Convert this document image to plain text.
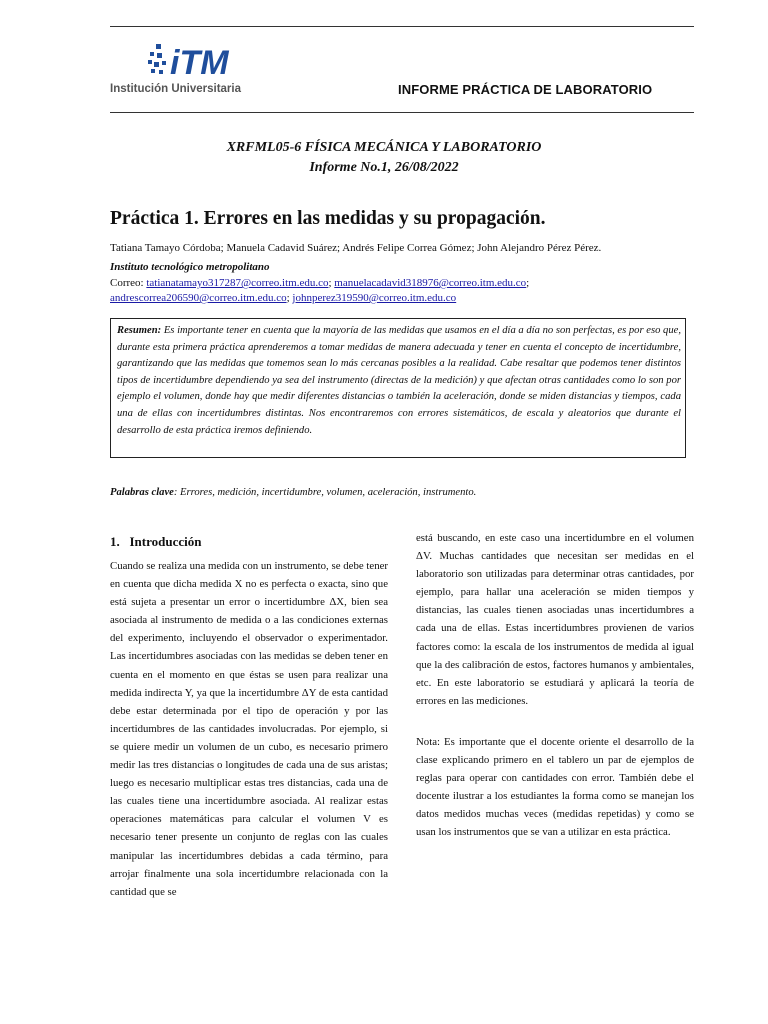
iTM
Institución Universitaria	INFORME PRÁCTICA DE LABORATORIO
XRFML05-6 FÍSICA MECÁNICA Y LABORATORIO
Informe No.1, 26/08/2022
Práctica 1. Errores en las medidas y su propagación.
Tatiana Tamayo Córdoba; Manuela Cadavid Suárez; Andrés Felipe Correa Gómez; John Alejandro Pérez Pérez.
Instituto tecnológico metropolitano
Correo: tatianatamayo317287@correo.itm.edu.co; manuelacadavid318976@correo.itm.edu.co;
andrescorrea206590@correo.itm.edu.co; johnperez319590@correo.itm.edu.co
Resumen: Es importante tener en cuenta que la mayoría de las medidas que usamos en el día a día no son perfectas, es por eso que, durante esta primera práctica aprenderemos a tomar medidas de manera adecuada y tener en cuenta el concepto de incertidumbre, garantizando que las medidas que tomemos sean lo más cercanas posibles a la realidad. Cabe resaltar que podemos tener distintos tipos de incertidumbre dependiendo ya sea del instrumento (directas de la medición) y que afectan otras cantidades como lo son por ejemplo el volumen, donde hay que medir diferentes distancias o también la aceleración, donde se miden distancias y tiempos, cada una de ellas con incertidumbres distintas. Nos encontraremos con errores sistemáticos, de escala y aleatorios que durante el desarrollo de esta práctica iremos definiendo.
Palabras clave: Errores, medición, incertidumbre, volumen, aceleración, instrumento.
1. Introducción
Cuando se realiza una medida con un instrumento, se debe tener en cuenta que dicha medida X no es perfecta o exacta, sino que está sujeta a presentar un error o incertidumbre ΔX, bien sea asociada al instrumento de medida o a las condiciones externas del experimento, incluyendo el observador o experimentador. Las incertidumbres asociadas con las medidas se deben tener en cuenta en el momento en que éstas se usen para realizar una medida indirecta Y, ya que la incertidumbre ΔY de esta cantidad debe estar determinada por el tipo de operación y por las incertidumbres de las cantidades involucradas. Por ejemplo, si se quiere medir un volumen de un cubo, es necesario primero medir las tres distancias o longitudes de cada una de sus aristas; luego es necesario multiplicar estas tres distancias, cada una de las cuales tiene una incertidumbre asociada. Al realizar estas operaciones matemáticas para calcular el volumen V es necesario tener presente un conjunto de reglas con las cuales manipular las incertidumbres debidas a cada término, para arrojar finalmente una sola incertidumbre relacionada con la cantidad que se
está buscando, en este caso una incertidumbre en el volumen ΔV. Muchas cantidades que necesitan ser medidas en el laboratorio son utilizadas para determinar otras cantidades, por ejemplo, para hallar una aceleración se miden tiempos y distancias, las cuales tienen asociadas unas incertidumbres a cada una de ellas. Estas incertidumbres provienen de varios factores como: la escala de los instrumentos de medida al igual que la des calibración de estos, factores humanos y ambientales, etc. En este laboratorio se estudiará y aplicará la teoría de errores en las mediciones.
Nota: Es importante que el docente oriente el desarrollo de la clase explicando primero en el tablero un par de ejemplos de reglas para operar con cantidades con error. También debe el docente ilustrar a los estudiantes la forma como se manejan los datos medidos muchas veces (medidas repetidas) y como se usan los instrumentos que se van a utilizar en esta práctica.
